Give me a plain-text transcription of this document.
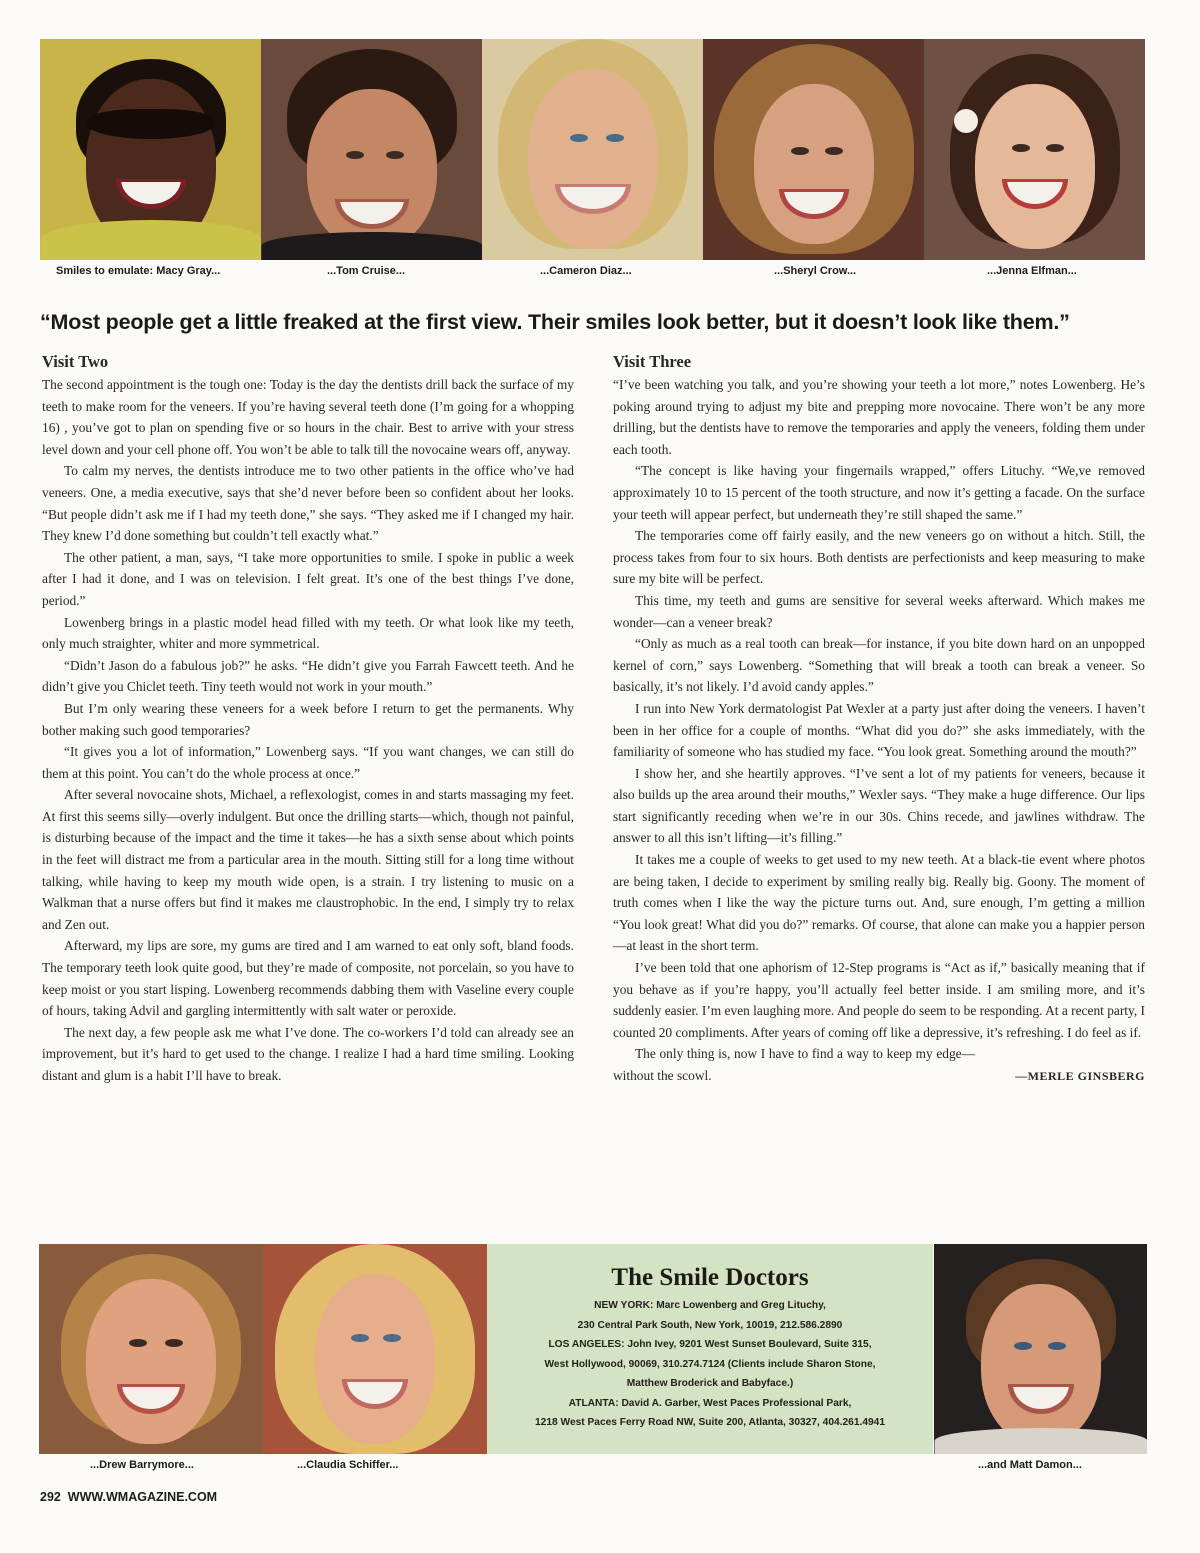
Smiles to emulate: Macy Gray...	...Tom Cruise...	...Cameron Diaz...	...Sheryl Crow...	...Jenna Elfman...
“Most people get a little freaked at the first view. Their smiles look better, but it doesn’t look like them.”
Visit Two

The second appointment is the tough one: Today is the day the dentists drill back the surface of my teeth to make room for the veneers. If you’re having several teeth done (I’m going for a whopping 16) , you’ve got to plan on spending five or so hours in the chair. Best to arrive with your stress level down and your cell phone off. You won’t be able to talk till the novocaine wears off, anyway.

To calm my nerves, the dentists introduce me to two other patients in the office who’ve had veneers. One, a media executive, says that she’d never before been so confident about her looks. “But people didn’t ask me if I had my teeth done,” she says. “They asked me if I changed my hair. They knew I’d done something but couldn’t tell exactly what.”

The other patient, a man, says, “I take more opportunities to smile. I spoke in public a week after I had it done, and I was on television. I felt great. It’s one of the best things I’ve done, period.”

Lowenberg brings in a plastic model head filled with my teeth. Or what look like my teeth, only much straighter, whiter and more symmetrical.

“Didn’t Jason do a fabulous job?” he asks. “He didn’t give you Farrah Fawcett teeth. And he didn’t give you Chiclet teeth. Tiny teeth would not work in your mouth.”

But I’m only wearing these veneers for a week before I return to get the permanents. Why bother making such good temporaries?

“It gives you a lot of information,” Lowenberg says. “If you want changes, we can still do them at this point. You can’t do the whole process at once.”

After several novocaine shots, Michael, a reflexologist, comes in and starts massaging my feet. At first this seems silly—overly indulgent. But once the drilling starts—which, though not painful, is disturbing because of the impact and the time it takes—he has a sixth sense about which points in the feet will distract me from a particular area in the mouth. Sitting still for a long time without talking, while having to keep my mouth wide open, is a strain. I try listening to music on a Walkman that a nurse offers but find it makes me claustrophobic. In the end, I simply try to relax and Zen out.

Afterward, my lips are sore, my gums are tired and I am warned to eat only soft, bland foods. The temporary teeth look quite good, but they’re made of composite, not porcelain, so you have to keep moist or you start lisping. Lowenberg recommends dabbing them with Vaseline every couple of hours, taking Advil and gargling intermittently with salt water or peroxide.

The next day, a few people ask me what I’ve done. The co-workers I’d told can already see an improvement, but it’s hard to get used to the change. I realize I had a hard time smiling. Looking distant and glum is a habit I’ll have to break.

Visit Three

“I’ve been watching you talk, and you’re showing your teeth a lot more,” notes Lowenberg. He’s poking around trying to adjust my bite and prepping more novocaine. There won’t be any more drilling, but the dentists have to remove the temporaries and apply the veneers, folding them under each tooth.

“The concept is like having your fingernails wrapped,” offers Lituchy. “We,ve removed approximately 10 to 15 percent of the tooth structure, and now it’s getting a facade. On the surface your teeth will appear perfect, but underneath they’re still shaped the same.”

The temporaries come off fairly easily, and the new veneers go on without a hitch. Still, the process takes from four to six hours. Both dentists are perfectionists and keep measuring to make sure my bite will be perfect.

This time, my teeth and gums are sensitive for several weeks afterward. Which makes me wonder—can a veneer break?

“Only as much as a real tooth can break—for instance, if you bite down hard on an unpopped kernel of corn,” says Lowenberg. “Something that will break a tooth can break a veneer. So basically, it’s not likely. I’d avoid candy apples.”

I run into New York dermatologist Pat Wexler at a party just after doing the veneers. I haven’t been in her office for a couple of months. “What did you do?” she asks immediately, with the familiarity of someone who has studied my face. “You look great. Something around the mouth?”

I show her, and she heartily approves. “I’ve sent a lot of my patients for veneers, because it also builds up the area around their mouths,” Wexler says. “They make a huge difference. Our lips start significantly receding when we’re in our 30s. Chins recede, and jawlines withdraw. The answer to all this isn’t lifting—it’s filling.”

It takes me a couple of weeks to get used to my new teeth. At a black-tie event where photos are being taken, I decide to experiment by smiling really big. Really big. Goony. The moment of truth comes when I like the way the picture turns out. And, sure enough, I’m getting a million “You look great! What did you do?” remarks. Of course, that alone can make you a happier person—at least in the short term.

I’ve been told that one aphorism of 12-Step programs is “Act as if,” basically meaning that if you behave as if you’re happy, you’ll actually feel better inside. I am smiling more, and it’s suddenly easier. I’m even laughing more. And people do seem to be responding. At a recent party, I counted 20 compliments. After years of coming off like a depressive, it’s refreshing. I do feel as if.

The only thing is, now I have to find a way to keep my edge—without the scowl.	—MERLE GINSBERG
The Smile Doctors
NEW YORK: Marc Lowenberg and Greg Lituchy,
230 Central Park South, New York, 10019, 212.586.2890
LOS ANGELES: John Ivey, 9201 West Sunset Boulevard, Suite 315,
West Hollywood, 90069, 310.274.7124 (Clients include Sharon Stone,
Matthew Broderick and Babyface.)
ATLANTA: David A. Garber, West Paces Professional Park,
1218 West Paces Ferry Road NW, Suite 200, Atlanta, 30327, 404.261.4941
...Drew Barrymore...	...Claudia Schiffer...	...and Matt Damon...
292  WWW.WMAGAZINE.COM
